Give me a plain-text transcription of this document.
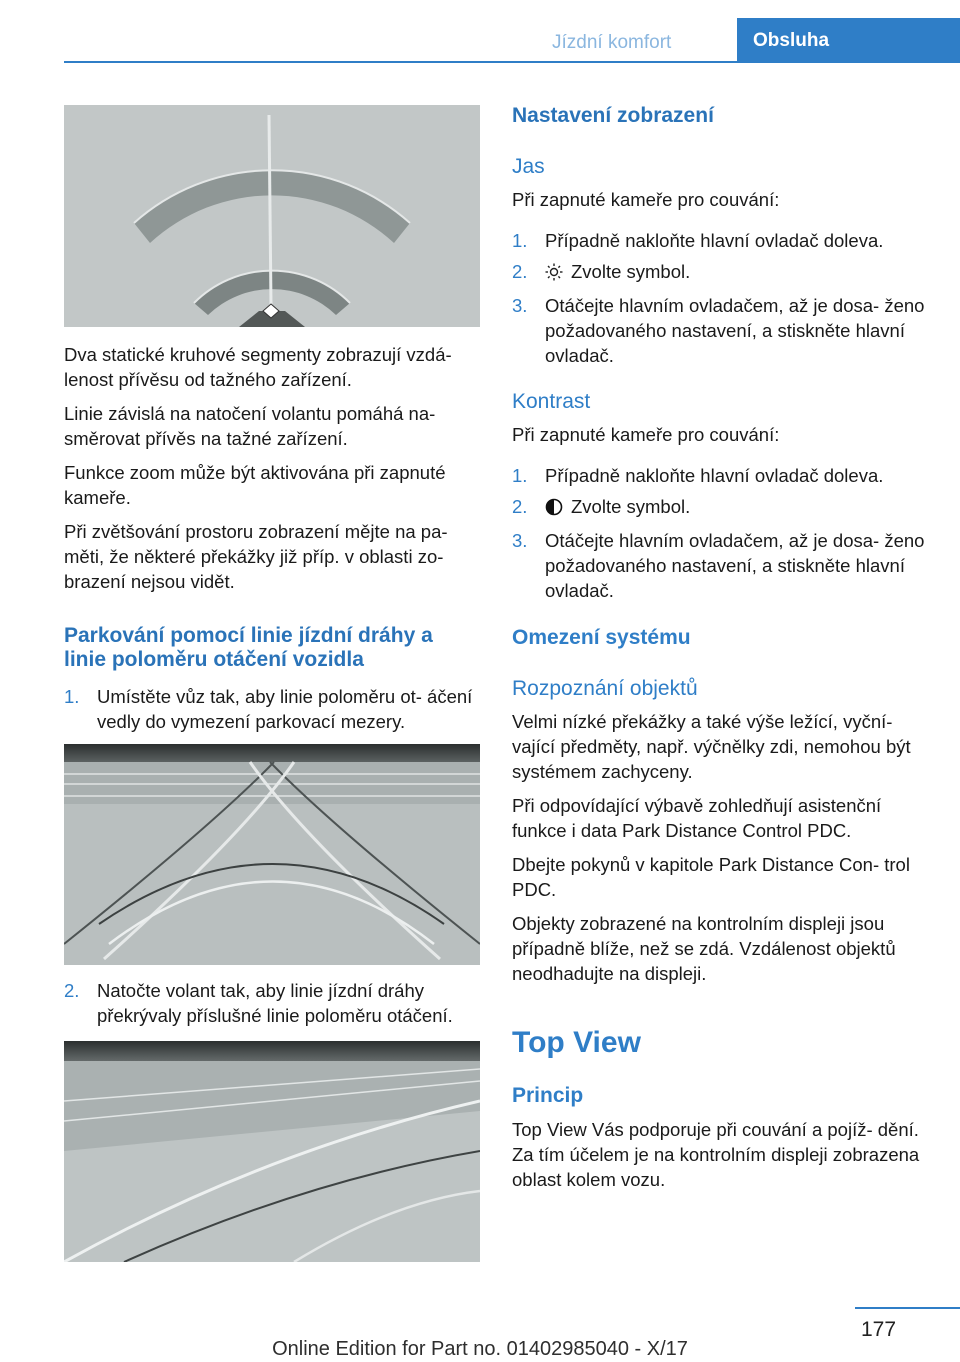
Jízdní komfort	Obsluha

Dva statické kruhové segmenty zobrazují vzdá‐ lenost přívěsu od tažného zařízení.

Linie závislá na natočení volantu pomáhá na‐ směrovat přívěs na tažné zařízení.

Funkce zoom může být aktivována při zapnuté kameře.

Při zvětšování prostoru zobrazení mějte na pa‐ měti, že některé překážky již příp. v oblasti zo‐ brazení nejsou vidět.

Parkování pomocí linie jízdní dráhy a linie poloměru otáčení vozidla
1. Umístěte vůz tak, aby linie poloměru ot‐ áčení vedly do vymezení parkovací mezery.
2. Natočte volant tak, aby linie jízdní dráhy překrývaly příslušné linie poloměru otáčení.
Nastavení zobrazení
Jas

Při zapnuté kameře pro couvání:

1. Případně nakloňte hlavní ovladač doleva.
2. Zvolte symbol.
3. Otáčejte hlavním ovladačem, až je dosa‐ ženo požadovaného nastavení, a stiskněte hlavní ovladač.
Kontrast

Při zapnuté kameře pro couvání:

1. Případně nakloňte hlavní ovladač doleva.
2. Zvolte symbol.
3. Otáčejte hlavním ovladačem, až je dosa‐ ženo požadovaného nastavení, a stiskněte hlavní ovladač.
Omezení systému
Rozpoznání objektů

Velmi nízké překážky a také výše ležící, vyční‐ vající předměty, např. výčnělky zdi, nemohou být systémem zachyceny.

Při odpovídající výbavě zohledňují asistenční funkce i data Park Distance Control PDC.

Dbejte pokynů v kapitole Park Distance Con‐ trol PDC.

Objekty zobrazené na kontrolním displeji jsou případně blíže, než se zdá. Vzdálenost objektů neodhadujte na displeji.

Top View
Princip

Top View Vás podporuje při couvání a pojíž‐ dění. Za tím účelem je na kontrolním displeji zobrazena oblast kolem vozu.

177
Online Edition for Part no. 01402985040 - X/17
